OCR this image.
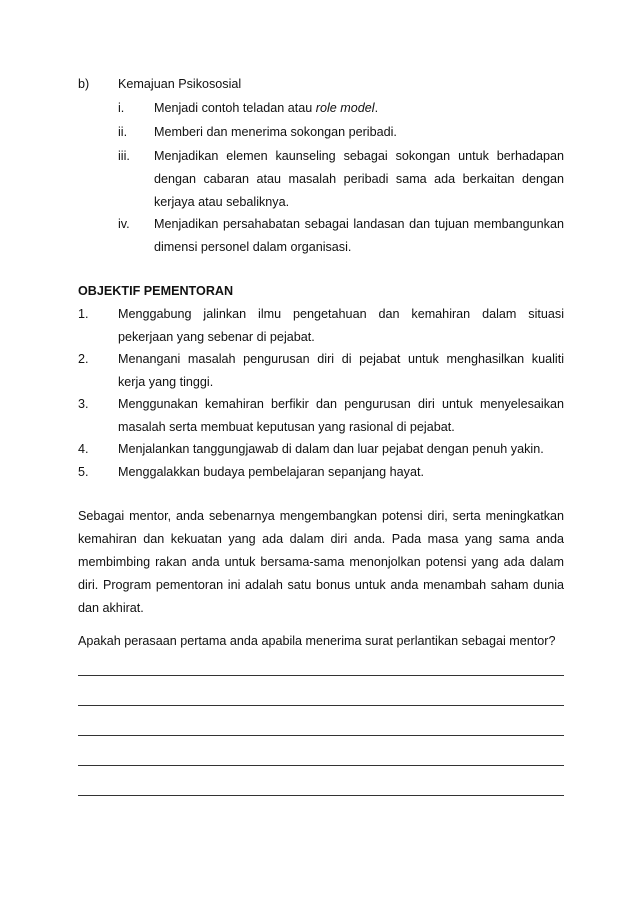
b) Kemajuan Psikososial
i. Menjadi contoh teladan atau role model.
ii. Memberi dan menerima sokongan peribadi.
iii. Menjadikan elemen kaunseling sebagai sokongan untuk berhadapan
dengan cabaran atau masalah peribadi sama ada berkaitan dengan
kerjaya atau sebaliknya.
iv. Menjadikan persahabatan sebagai landasan dan tujuan membangunkan
dimensi personel dalam organisasi.
OBJEKTIF PEMENTORAN
1. Menggabung jalinkan ilmu pengetahuan dan kemahiran dalam situasi
pekerjaan yang sebenar di pejabat.
2. Menangani masalah pengurusan diri di pejabat untuk menghasilkan kualiti
kerja yang tinggi.
3. Menggunakan kemahiran berfikir dan pengurusan diri untuk menyelesaikan
masalah serta membuat keputusan yang rasional di pejabat.
4. Menjalankan tanggungjawab di dalam dan luar pejabat dengan penuh yakin.
5. Menggalakkan budaya pembelajaran sepanjang hayat.
Sebagai mentor, anda sebenarnya mengembangkan potensi diri, serta meningkatkan
kemahiran dan kekuatan yang ada dalam diri anda. Pada masa yang sama anda
membimbing rakan anda untuk bersama-sama menonjolkan potensi yang ada dalam
diri. Program pementoran ini adalah satu bonus untuk anda menambah saham dunia
dan akhirat.
Apakah perasaan pertama anda apabila menerima surat perlantikan sebagai mentor?
